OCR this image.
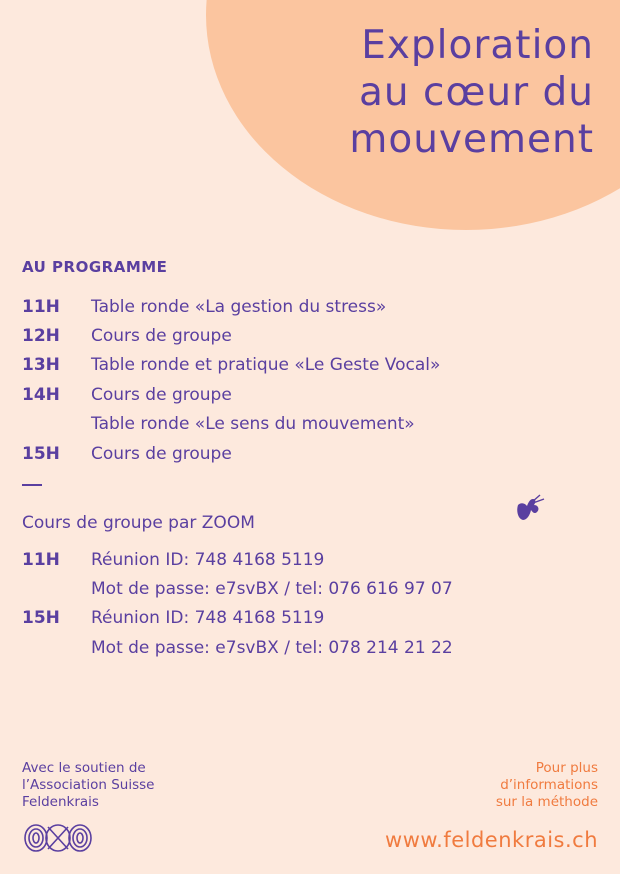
Exploration
au cœur du
mouvement
AU PROGRAMME
11H	Table ronde «La gestion du stress»
12H	Cours de groupe
13H	Table ronde et pratique «Le Geste Vocal»
14H	Cours de groupe
Table ronde «Le sens du mouvement»
15H	Cours de groupe
Cours de groupe par ZOOM
11H	Réunion ID: 748 4168 5119
Mot de passe: e7svBX / tel: 076 616 97 07
15H	Réunion ID: 748 4168 5119
Mot de passe: e7svBX / tel: 078 214 21 22
Avec le soutien de
l’Association Suisse
Feldenkrais
Pour plus
d’informations
sur la méthode
www.feldenkrais.ch
